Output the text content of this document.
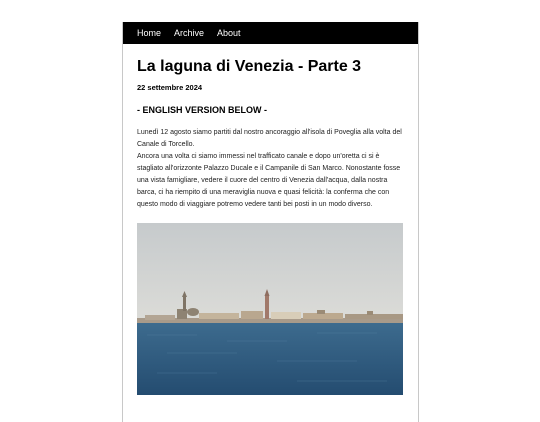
Home Archive About
La laguna di Venezia - Parte 3
22 settembre 2024
- ENGLISH VERSION BELOW -

Lunedì 12 agosto siamo partiti dal nostro ancoraggio all'isola di Poveglia alla volta del Canale di Torcello.

Ancora una volta ci siamo immessi nel trafficato canale e dopo un'oretta ci si è stagliato all'orizzonte Palazzo Ducale e il Campanile di San Marco. Nonostante fosse una vista famigliare, vedere il cuore del centro di Venezia dall'acqua, dalla nostra barca, ci ha riempito di una meraviglia nuova e quasi felicità: la conferma che con questo modo di viaggiare potremo vedere tanti bei posti in un modo diverso.
